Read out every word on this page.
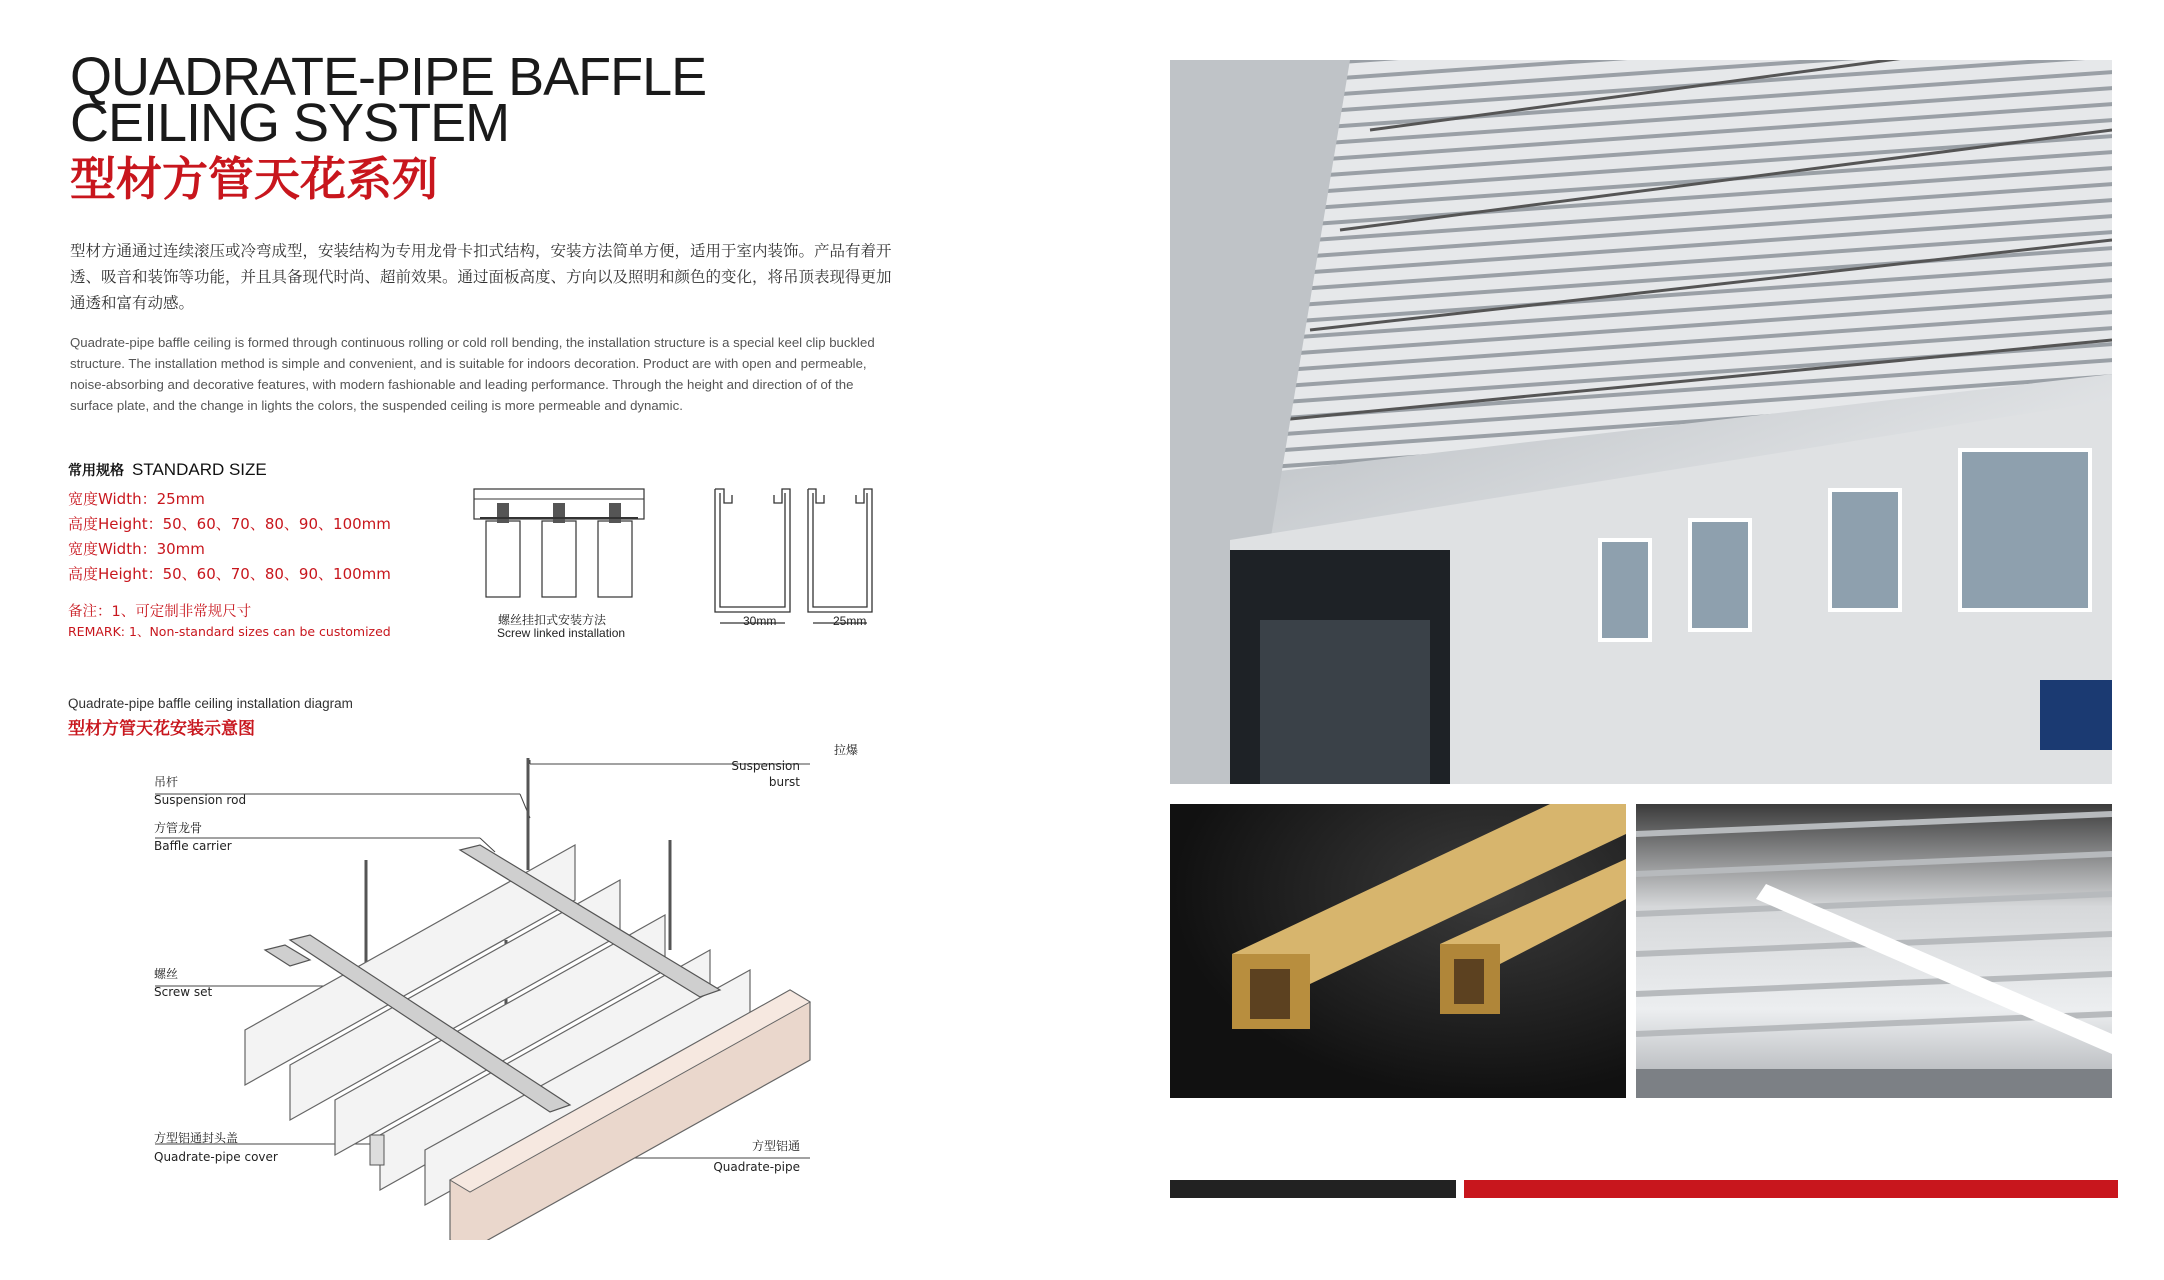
QUADRATE-PIPE BAFFLE
CEILING SYSTEM
型材方管天花系列
型材方通通过连续滚压或冷弯成型，安装结构为专用龙骨卡扣式结构，安装方法简单方便，适用于室内装饰。产品有着开透、吸音和装饰等功能，并且具备现代时尚、超前效果。通过面板高度、方向以及照明和颜色的变化，将吊顶表现得更加通透和富有动感。
Quadrate-pipe baffle ceiling is formed through continuous rolling or cold roll bending, the installation structure is a special keel clip buckled structure. The installation method is simple and convenient, and is suitable for indoors decoration. Product are with open and permeable, noise-absorbing and decorative features, with modern fashionable and leading performance. Through the height and direction of of the surface plate, and the change in lights the colors, the suspended ceiling is more permeable and dynamic.
常用规格 STANDARD SIZE
宽度Width：25mm
高度Height：50、60、70、80、90、100mm
宽度Width：30mm
高度Height：50、60、70、80、90、100mm
备注：1、可定制非常规尺寸
REMARK: 1、Non-standard sizes can be customized
螺丝挂扣式安装方法
Screw linked installation
30mm	25mm
Quadrate-pipe baffle ceiling installation diagram
型材方管天花安装示意图
拉爆
Suspension burst
吊杆
Suspension rod
方管龙骨
Baffle carrier
螺丝
Screw set
方型铝通封头盖
Quadrate-pipe cover
方型铝通
Quadrate-pipe
